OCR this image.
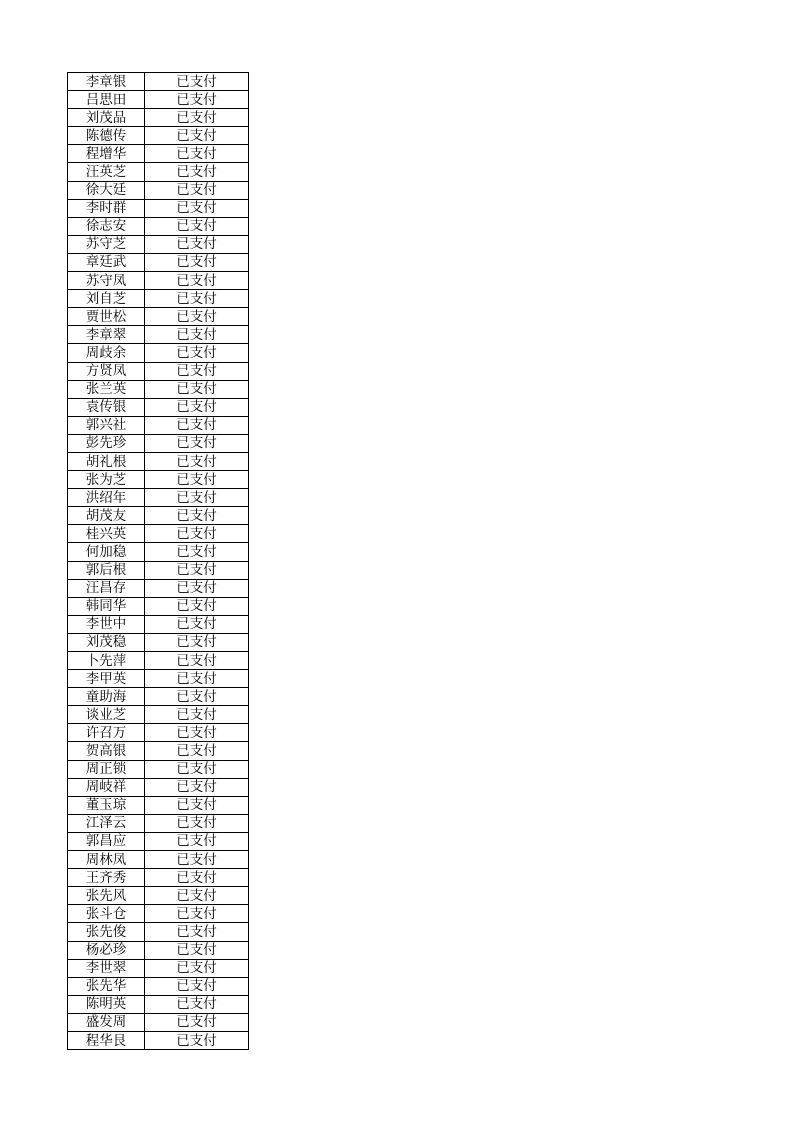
李章银	已支付
吕思田	已支付
刘茂品	已支付
陈德传	已支付
程增华	已支付
汪英芝	已支付
徐大廷	已支付
李时群	已支付
徐志安	已支付
苏守芝	已支付
章廷武	已支付
苏守凤	已支付
刘自芝	已支付
贾世松	已支付
李章翠	已支付
周歧余	已支付
方贤凤	已支付
张兰英	已支付
袁传银	已支付
郭兴社	已支付
彭先珍	已支付
胡礼根	已支付
张为芝	已支付
洪绍年	已支付
胡茂友	已支付
桂兴英	已支付
何加稳	已支付
郭后根	已支付
汪昌存	已支付
韩同华	已支付
李世中	已支付
刘茂稳	已支付
卜先萍	已支付
李甲英	已支付
童助海	已支付
谈业芝	已支付
许召万	已支付
贺高银	已支付
周正锁	已支付
周岐祥	已支付
董玉琼	已支付
江泽云	已支付
郭昌应	已支付
周林凤	已支付
王齐秀	已支付
张先风	已支付
张斗仓	已支付
张先俊	已支付
杨必珍	已支付
李世翠	已支付
张先华	已支付
陈明英	已支付
盛发周	已支付
程华艮	已支付
